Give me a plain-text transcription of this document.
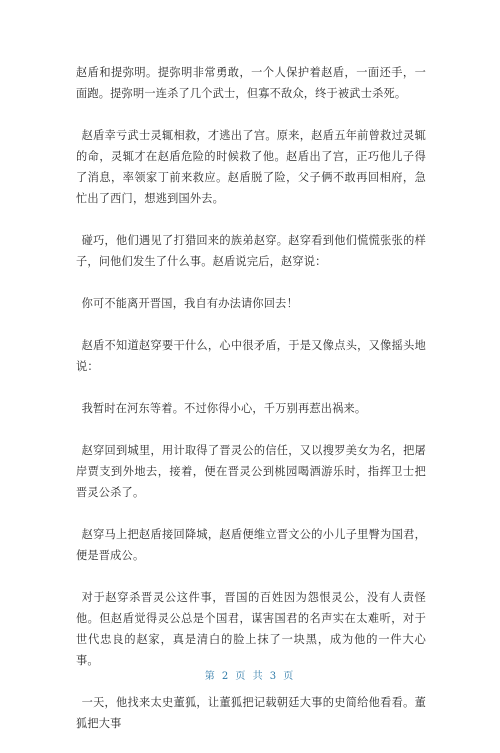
赵盾和提弥明。提弥明非常勇敢，一个人保护着赵盾，一面还手，一面跑。提弥明一连杀了几个武士，但寡不敌众，终于被武士杀死。

赵盾幸亏武士灵辄相救，才逃出了宫。原来，赵盾五年前曾救过灵辄的命，灵辄才在赵盾危险的时候救了他。赵盾出了宫，正巧他儿子得了消息，率领家丁前来救应。赵盾脱了险，父子俩不敢再回相府，急忙出了西门，想逃到国外去。

碰巧，他们遇见了打猎回来的族弟赵穿。赵穿看到他们慌慌张张的样子，问他们发生了什么事。赵盾说完后，赵穿说：

你可不能离开晋国，我自有办法请你回去！

赵盾不知道赵穿要干什么，心中很矛盾，于是又像点头，又像摇头地说：

我暂时在河东等着。不过你得小心，千万别再惹出祸来。

赵穿回到城里，用计取得了晋灵公的信任，又以搜罗美女为名，把屠岸贾支到外地去，接着，便在晋灵公到桃园喝酒游乐时，指挥卫士把晋灵公杀了。

赵穿马上把赵盾接回降城，赵盾便维立晋文公的小儿子里臀为国君，便是晋成公。

对于赵穿杀晋灵公这件事，晋国的百姓因为怨恨灵公，没有人责怪他。但赵盾觉得灵公总是个国君，谋害国君的名声实在太难听，对于世代忠良的赵家，真是清白的脸上抹了一块黑，成为他的一件大心事。

一天，他找来太史董狐，让董狐把记载朝廷大事的史简给他看看。董狐把大事

第 2 页 共 3 页
